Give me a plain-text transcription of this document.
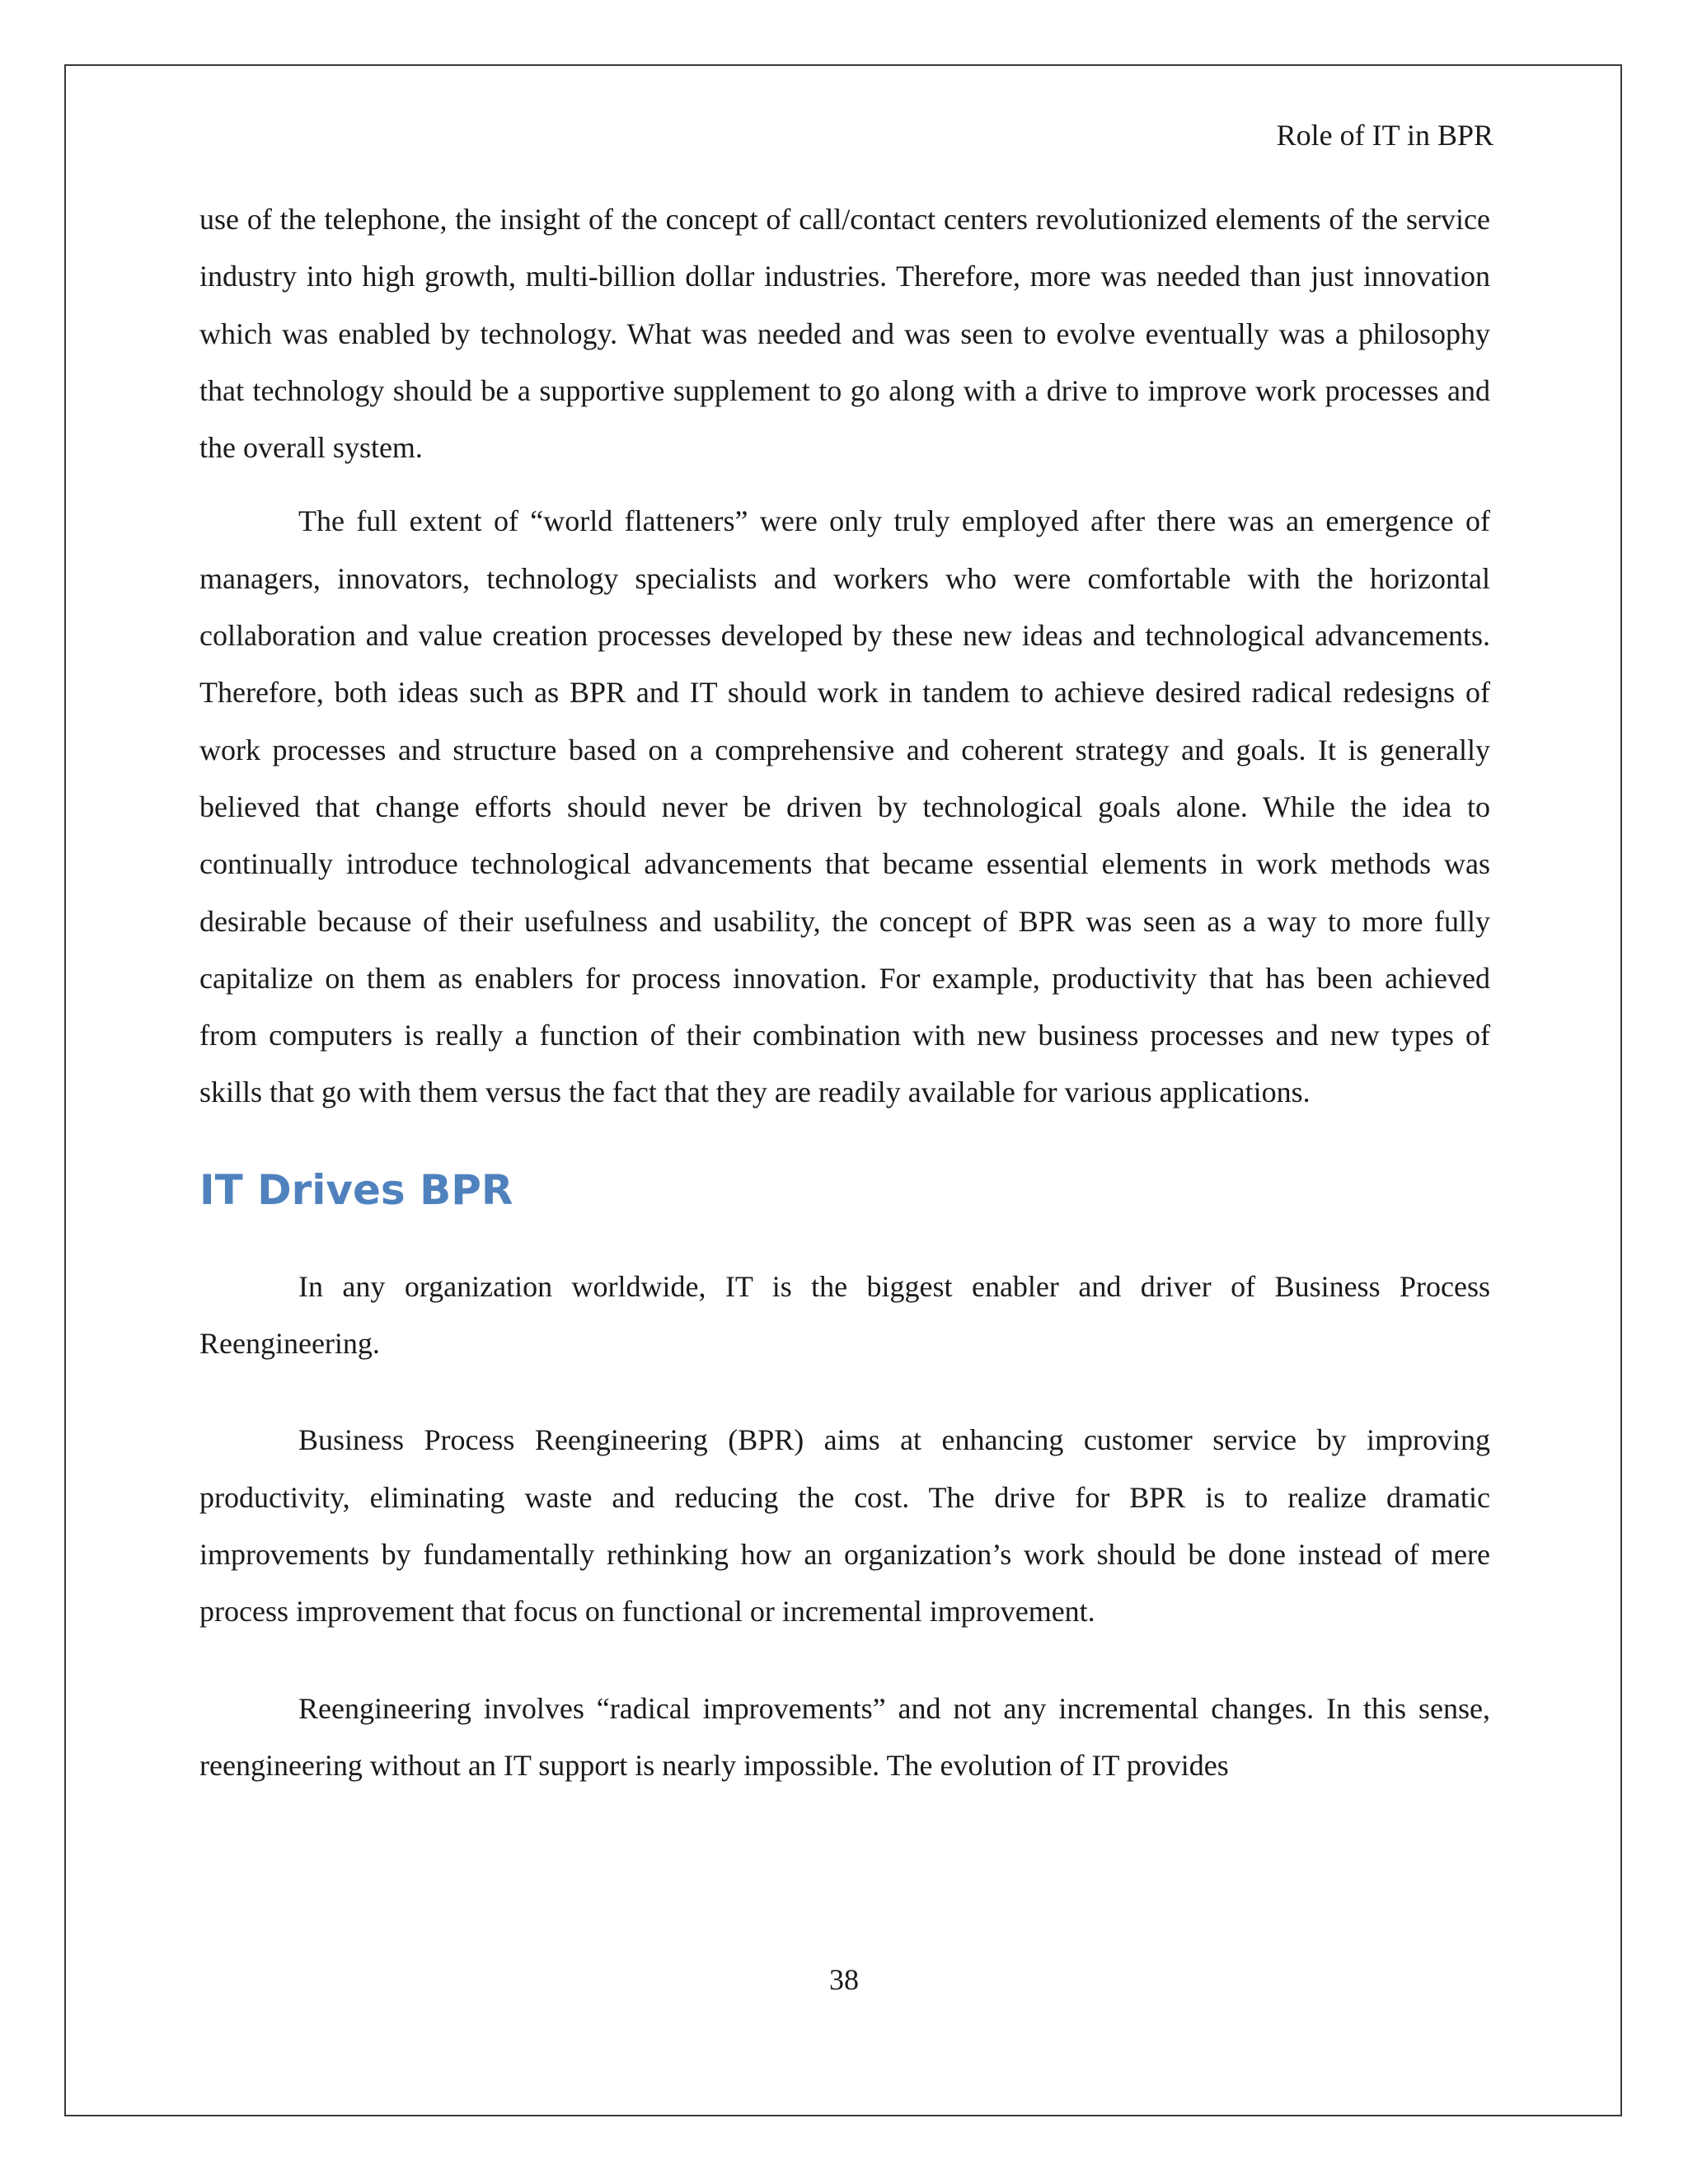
Role of IT in BPR

use of the telephone, the insight of the concept of call/contact centers revolutionized elements of the service industry into high growth, multi-billion dollar industries. Therefore, more was needed than just innovation which was enabled by technology. What was needed and was seen to evolve eventually was a philosophy that technology should be a supportive supplement to go along with a drive to improve work processes and the overall system.

The full extent of “world flatteners” were only truly employed after there was an emergence of managers, innovators, technology specialists and workers who were comfortable with the horizontal collaboration and value creation processes developed by these new ideas and technological advancements. Therefore, both ideas such as BPR and IT should work in tandem to achieve desired radical redesigns of work processes and structure based on a comprehensive and coherent strategy and goals. It is generally believed that change efforts should never be driven by technological goals alone. While the idea to continually introduce technological advancements that became essential elements in work methods was desirable because of their usefulness and usability, the concept of BPR was seen as a way to more fully capitalize on them as enablers for process innovation. For example, productivity that has been achieved from computers is really a function of their combination with new business processes and new types of skills that go with them versus the fact that they are readily available for various applications.

IT Drives BPR

In any organization worldwide, IT is the biggest enabler and driver of Business Process Reengineering.

Business Process Reengineering (BPR) aims at enhancing customer service by improving productivity, eliminating waste and reducing the cost. The drive for BPR is to realize dramatic improvements by fundamentally rethinking how an organization’s work should be done instead of mere process improvement that focus on functional or incremental improvement.

Reengineering involves “radical improvements” and not any incremental changes. In this sense, reengineering without an IT support is nearly impossible. The evolution of IT provides

38
